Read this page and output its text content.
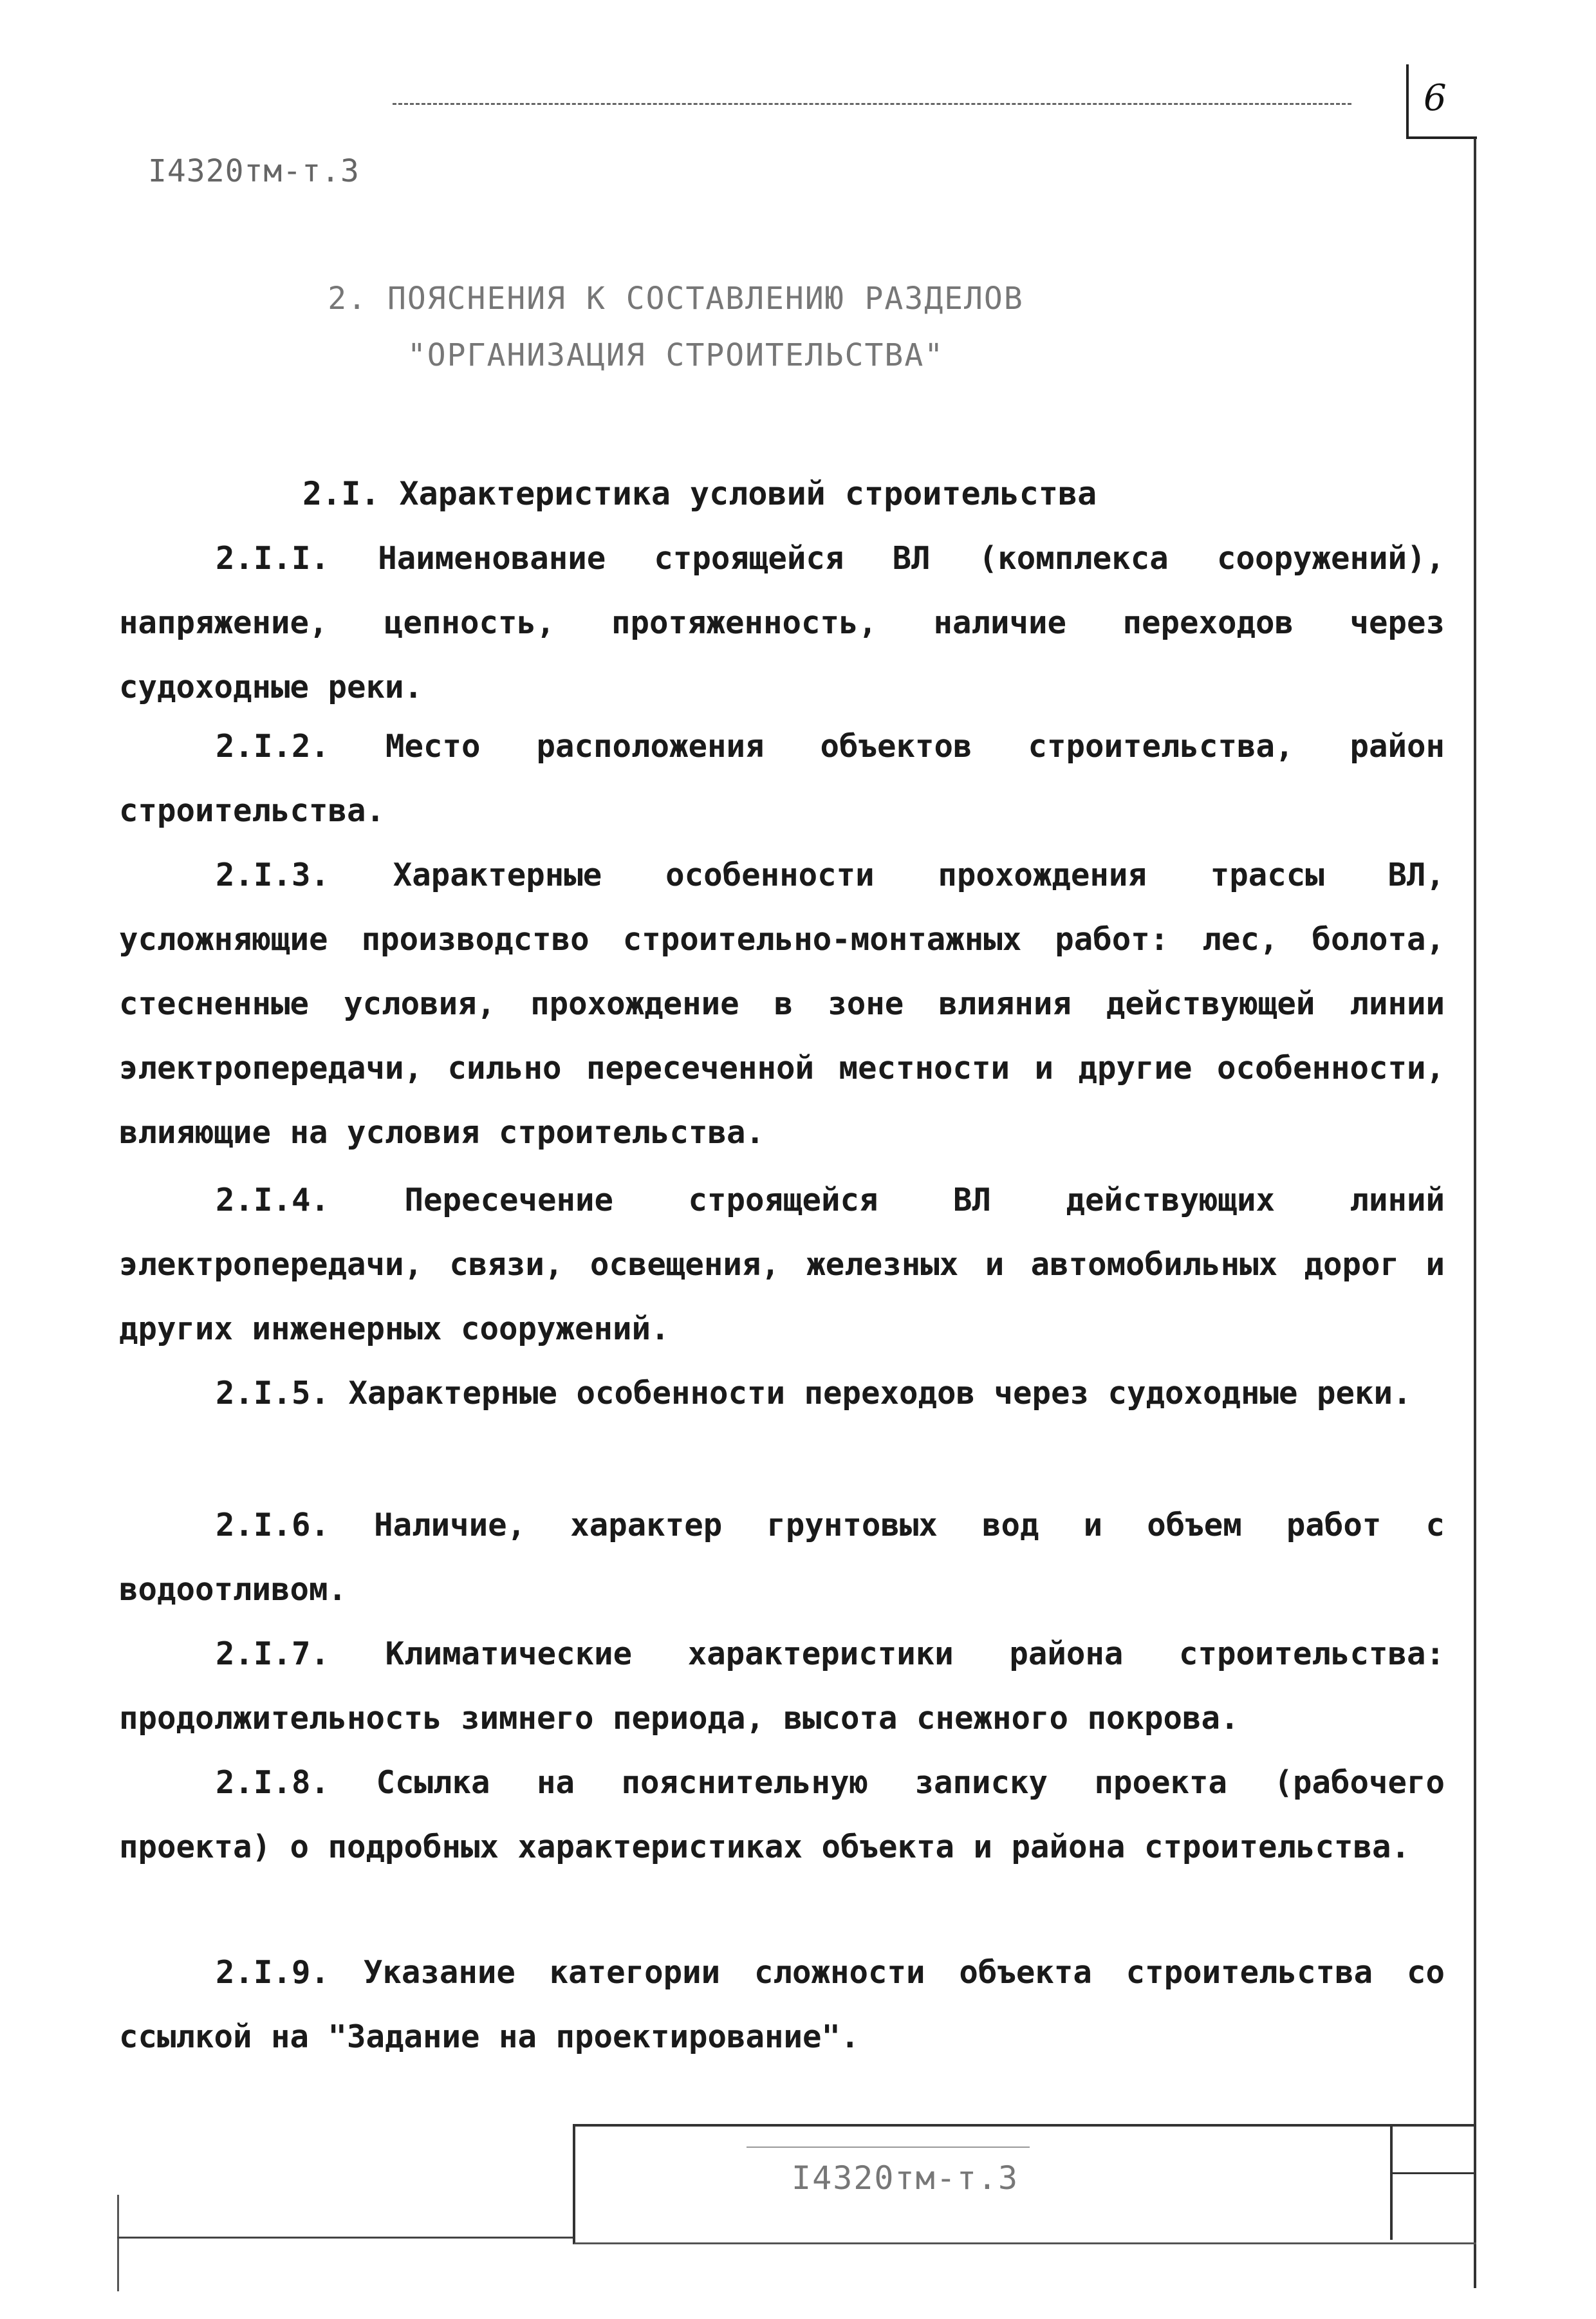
6
I4320тм-т.3
2. ПОЯСНЕНИЯ К СОСТАВЛЕНИЮ РАЗДЕЛОВ
"ОРГАНИЗАЦИЯ СТРОИТЕЛЬСТВА"
2.I. Характеристика условий строительства
2.I.I. Наименование строящейся ВЛ (комплекса сооружений), напряжение, цепность, протяженность, наличие переходов через судоходные реки.
2.I.2. Место расположения объектов строительства, район строительства.
2.I.3. Характерные особенности прохождения трассы ВЛ, усложняющие производство строительно-монтажных работ: лес, болота, стесненные условия, прохождение в зоне влияния действующей линии электропередачи, сильно пересеченной местности и другие особенности, влияющие на условия строительства.
2.I.4. Пересечение строящейся ВЛ действующих линий электропередачи, связи, освещения, железных и автомобильных дорог и других инженерных сооружений.
2.I.5. Характерные особенности переходов через судоходные реки.
2.I.6. Наличие, характер грунтовых вод и объем работ с водоотливом.
2.I.7. Климатические характеристики района строительства: продолжительность зимнего периода, высота снежного покрова.
2.I.8. Ссылка на пояснительную записку проекта (рабочего проекта) о подробных характеристиках объекта и района строительства.
2.I.9. Указание категории сложности объекта строительства со ссылкой на "Задание на проектирование".
I4320тм-т.3
